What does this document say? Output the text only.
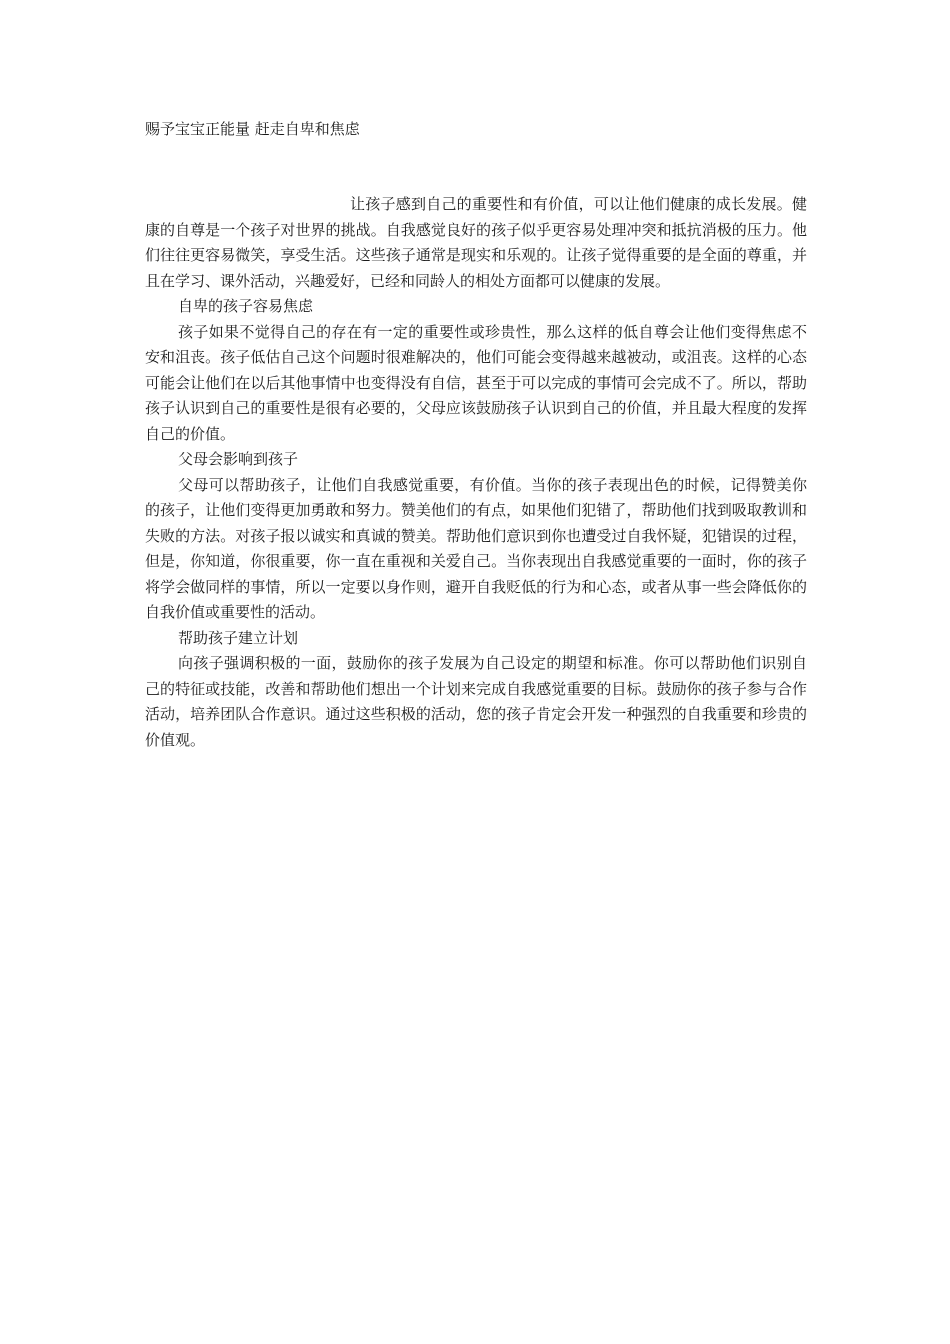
赐予宝宝正能量 赶走自卑和焦虑

让孩子感到自己的重要性和有价值，可以让他们健康的成长发展。健康的自尊是一个孩子对世界的挑战。自我感觉良好的孩子似乎更容易处理冲突和抵抗消极的压力。他们往往更容易微笑，享受生活。这些孩子通常是现实和乐观的。让孩子觉得重要的是全面的尊重，并且在学习、课外活动，兴趣爱好，已经和同龄人的相处方面都可以健康的发展。

自卑的孩子容易焦虑

孩子如果不觉得自己的存在有一定的重要性或珍贵性，那么这样的低自尊会让他们变得焦虑不安和沮丧。孩子低估自己这个问题时很难解决的，他们可能会变得越来越被动，或沮丧。这样的心态可能会让他们在以后其他事情中也变得没有自信，甚至于可以完成的事情可会完成不了。所以，帮助孩子认识到自己的重要性是很有必要的，父母应该鼓励孩子认识到自己的价值，并且最大程度的发挥自己的价值。

父母会影响到孩子

父母可以帮助孩子，让他们自我感觉重要，有价值。当你的孩子表现出色的时候，记得赞美你的孩子，让他们变得更加勇敢和努力。赞美他们的有点，如果他们犯错了，帮助他们找到吸取教训和失败的方法。对孩子报以诚实和真诚的赞美。帮助他们意识到你也遭受过自我怀疑，犯错误的过程，但是，你知道，你很重要，你一直在重视和关爱自己。当你表现出自我感觉重要的一面时，你的孩子将学会做同样的事情，所以一定要以身作则，避开自我贬低的行为和心态，或者从事一些会降低你的自我价值或重要性的活动。

帮助孩子建立计划

向孩子强调积极的一面，鼓励你的孩子发展为自己设定的期望和标准。你可以帮助他们识别自己的特征或技能，改善和帮助他们想出一个计划来完成自我感觉重要的目标。鼓励你的孩子参与合作活动，培养团队合作意识。通过这些积极的活动，您的孩子肯定会开发一种强烈的自我重要和珍贵的价值观。
